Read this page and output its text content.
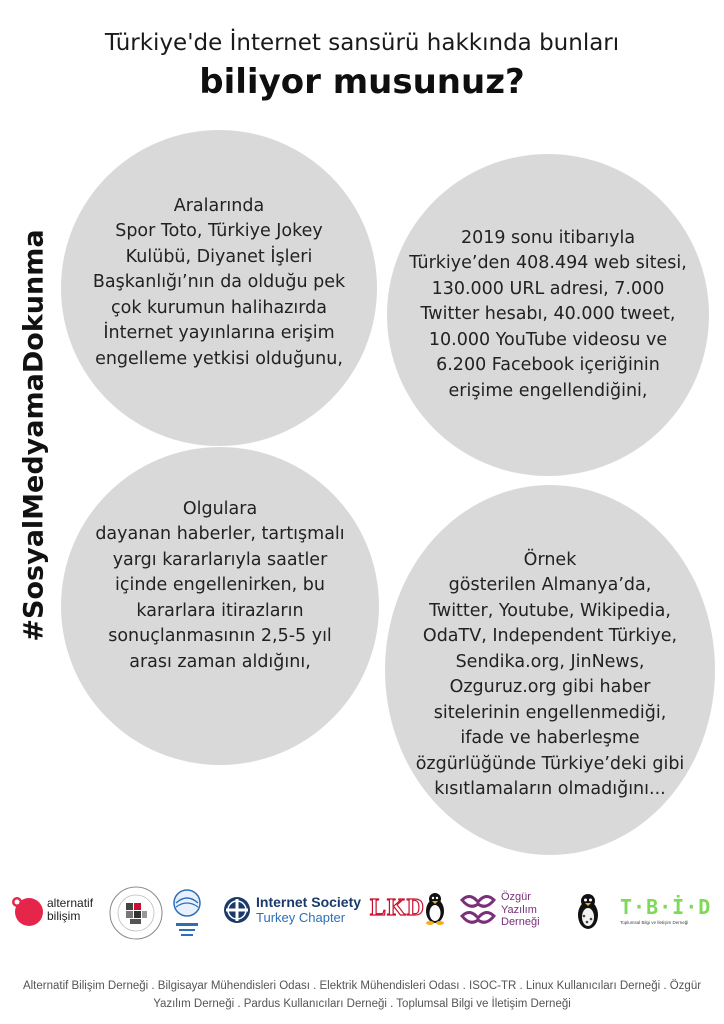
Türkiye'de İnternet sansürü hakkında bunları
biliyor musunuz?
#SosyalMedyamaDokunma

Aralarında
Spor Toto, Türkiye Jokey Kulübü, Diyanet İşleri Başkanlığı’nın da olduğu pek çok kurumun halihazırda İnternet yayınlarına erişim engelleme yetkisi olduğunu,

2019 sonu itibarıyla Türkiye’den 408.494 web sitesi, 130.000 URL adresi, 7.000 Twitter hesabı, 40.000 tweet, 10.000 YouTube videosu ve 6.200 Facebook içeriğinin erişime engellendiğini,

Olgulara
dayanan haberler, tartışmalı yargı kararlarıyla saatler içinde engellenirken, bu kararlara itirazların sonuçlanmasının 2,5-5 yıl arası zaman aldığını,

Örnek
gösterilen Almanya’da, Twitter, Youtube, Wikipedia, OdaTV, Independent Türkiye, Sendika.org, JinNews, Ozguruz.org gibi haber sitelerinin engellenmediği, ifade ve haberleşme özgürlüğünde Türkiye’deki gibi kısıtlamaların olmadığını...

alternatif
bilişim
Internet Society
Turkey Chapter	LKD	Özgür
Yazılım
Derneği
T·B·İ·D
Toplumsal Bilgi ve İletişim Derneği
Alternatif Bilişim Derneği . Bilgisayar Mühendisleri Odası . Elektrik Mühendisleri Odası . ISOC-TR . Linux Kullanıcıları Derneği . Özgür
Yazılım Derneği . Pardus Kullanıcıları Derneği . Toplumsal Bilgi ve İletişim Derneği
